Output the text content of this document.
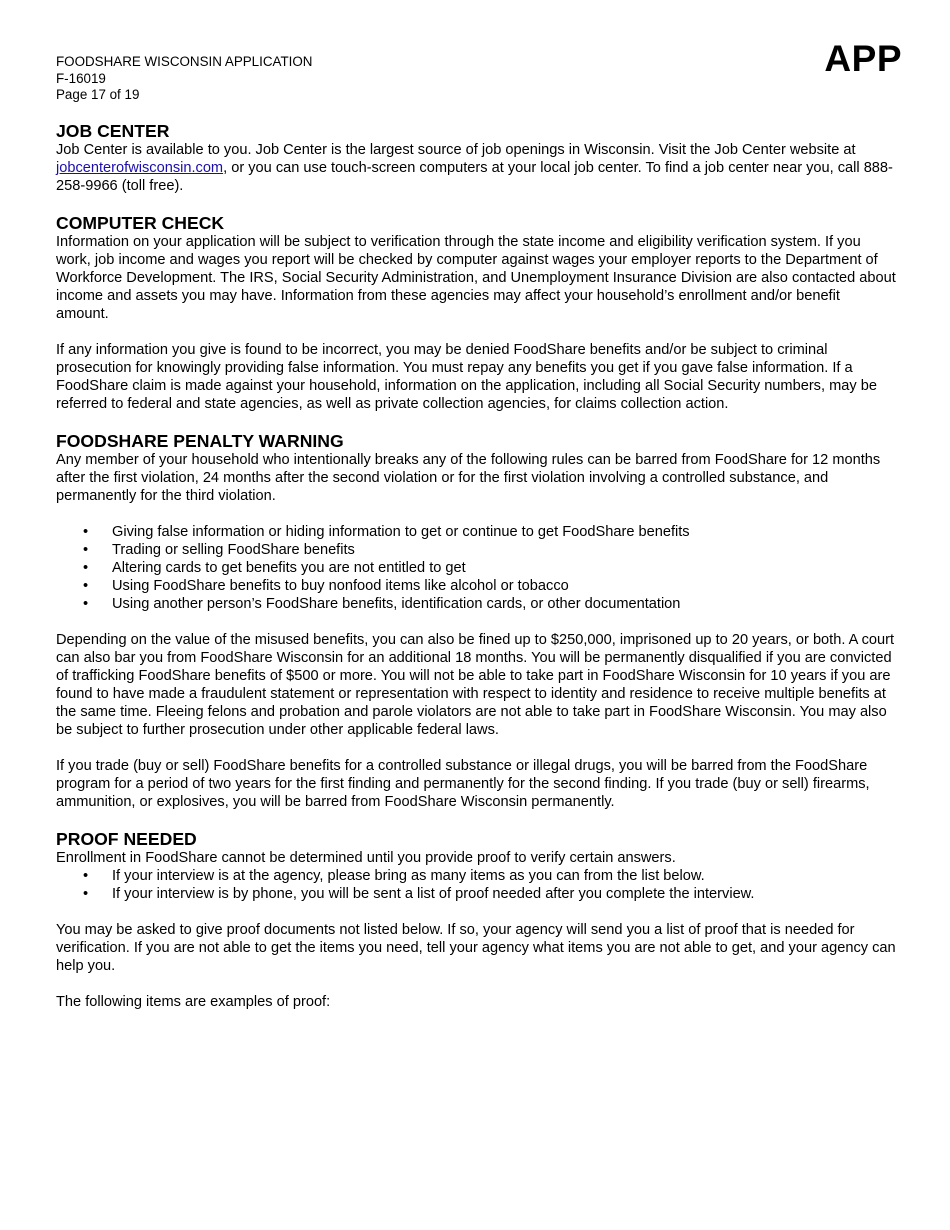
FOODSHARE WISCONSIN APPLICATION
F-16019
Page 17 of 19
APP
JOB CENTER

Job Center is available to you. Job Center is the largest source of job openings in Wisconsin. Visit the Job Center website at jobcenterofwisconsin.com, or you can use touch-screen computers at your local job center. To find a job center near you, call 888-258-9966 (toll free).

COMPUTER CHECK

Information on your application will be subject to verification through the state income and eligibility verification system. If you work, job income and wages you report will be checked by computer against wages your employer reports to the Department of Workforce Development. The IRS, Social Security Administration, and Unemployment Insurance Division are also contacted about income and assets you may have. Information from these agencies may affect your household’s enrollment and/or benefit amount.

If any information you give is found to be incorrect, you may be denied FoodShare benefits and/or be subject to criminal prosecution for knowingly providing false information. You must repay any benefits you get if you gave false information. If a FoodShare claim is made against your household, information on the application, including all Social Security numbers, may be referred to federal and state agencies, as well as private collection agencies, for claims collection action.

FOODSHARE PENALTY WARNING

Any member of your household who intentionally breaks any of the following rules can be barred from FoodShare for 12 months after the first violation, 24 months after the second violation or for the first violation involving a controlled substance, and permanently for the third violation.

• Giving false information or hiding information to get or continue to get FoodShare benefits
• Trading or selling FoodShare benefits
• Altering cards to get benefits you are not entitled to get
• Using FoodShare benefits to buy nonfood items like alcohol or tobacco
• Using another person’s FoodShare benefits, identification cards, or other documentation

Depending on the value of the misused benefits, you can also be fined up to $250,000, imprisoned up to 20 years, or both. A court can also bar you from FoodShare Wisconsin for an additional 18 months. You will be permanently disqualified if you are convicted of trafficking FoodShare benefits of $500 or more. You will not be able to take part in FoodShare Wisconsin for 10 years if you are found to have made a fraudulent statement or representation with respect to identity and residence to receive multiple benefits at the same time. Fleeing felons and probation and parole violators are not able to take part in FoodShare Wisconsin. You may also be subject to further prosecution under other applicable federal laws.

If you trade (buy or sell) FoodShare benefits for a controlled substance or illegal drugs, you will be barred from the FoodShare program for a period of two years for the first finding and permanently for the second finding. If you trade (buy or sell) firearms, ammunition, or explosives, you will be barred from FoodShare Wisconsin permanently.

PROOF NEEDED

Enrollment in FoodShare cannot be determined until you provide proof to verify certain answers.

• If your interview is at the agency, please bring as many items as you can from the list below.
• If your interview is by phone, you will be sent a list of proof needed after you complete the interview.

You may be asked to give proof documents not listed below. If so, your agency will send you a list of proof that is needed for verification. If you are not able to get the items you need, tell your agency what items you are not able to get, and your agency can help you.

The following items are examples of proof:
